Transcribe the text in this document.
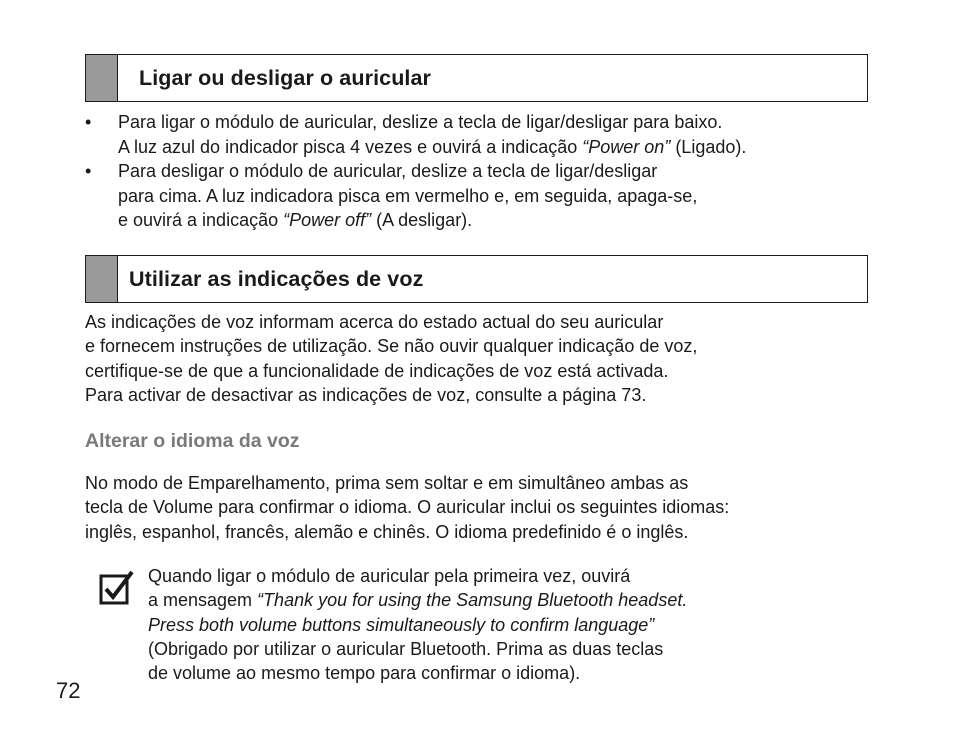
Ligar ou desligar o auricular
• Para ligar o módulo de auricular, deslize a tecla de ligar/desligar para baixo.
A luz azul do indicador pisca 4 vezes e ouvirá a indicação “Power on” (Ligado).
• Para desligar o módulo de auricular, deslize a tecla de ligar/desligar
para cima. A luz indicadora pisca em vermelho e, em seguida, apaga-se,
e ouvirá a indicação “Power off” (A desligar).
Utilizar as indicações de voz
As indicações de voz informam acerca do estado actual do seu auricular
e fornecem instruções de utilização. Se não ouvir qualquer indicação de voz,
certifique-se de que a funcionalidade de indicações de voz está activada.
Para activar de desactivar as indicações de voz, consulte a página 73.
Alterar o idioma da voz
No modo de Emparelhamento, prima sem soltar e em simultâneo ambas as
tecla de Volume para confirmar o idioma. O auricular inclui os seguintes idiomas:
inglês, espanhol, francês, alemão e chinês. O idioma predefinido é o inglês.
Quando ligar o módulo de auricular pela primeira vez, ouvirá
a mensagem “Thank you for using the Samsung Bluetooth headset.
Press both volume buttons simultaneously to confirm language”
(Obrigado por utilizar o auricular Bluetooth. Prima as duas teclas
de volume ao mesmo tempo para confirmar o idioma).
72
